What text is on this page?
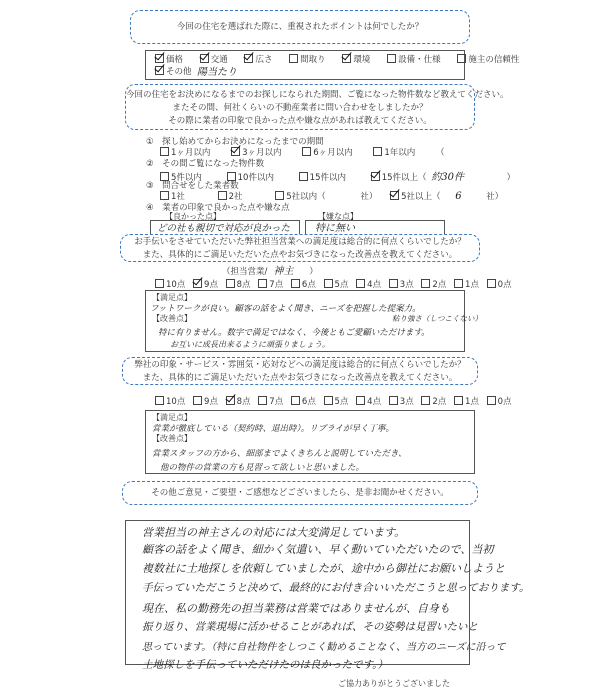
今回の住宅を選ばれた際に、重視されたポイントは何でしたか？
価格	交通	広さ	間取り	環境	設備・仕様	施主の信頼性
その他 陽当たり
今回の住宅をお決めになるまでのお探しになられた期間、ご覧になった物件数など教えてください。
またその間、何社くらいの不動産業者に問い合わせをしましたか？
その際に業者の印象で良かった点や嫌な点があれば教えてください。
①　探し始めてからお決めになったまでの期間
1ヶ月以内	3ヶ月以内	6ヶ月以内	1年以内 （
②　その間ご覧になった物件数
5件以内	10件以内	15件以内	15件以上（ 約30件	）
③　問合せをした業者数
1社	2社	5社以内（	社）	5社以上（ 6	社）
④　業者の印象で良かった点や嫌な点
【良かった点】	【嫌な点】
どの社も親切で対応が良かった 特に無い
お手伝いをさせていただいた弊社担当営業への満足度は総合的に何点くらいでしたか？
また、具体的にご満足いただいた点やお気づきになった改善点を教えてください。
（担当営業/ 神主 ）
10点 9点 8点 7点 6点 5点 4点 3点 2点 1点 0点
【満足点】
フットワークが良い。顧客の話をよく聞き、ニーズを把握した提案力。
粘り強さ（しつこくない）
【改善点】
特に有りません。数字で満足ではなく、今後ともご愛顧いただけます。
お互いに成長出来るように頑張りましょう。
弊社の印象・サービス・雰囲気・応対などへの満足度は総合的に何点くらいでしたか？
また、具体的にご満足いただいた点やお気づきになった改善点を教えてください。
10点 9点 8点 7点 6点 5点 4点 3点 2点 1点 0点
【満足点】
営業が徹底している（契約時、退出時）。リプライが早く丁寧。
【改善点】
営業スタッフの方から、細部までよくきちんと説明していただき、
他の物件の営業の方も見習って欲しいと思いました。
その他ご意見・ご要望・ご感想などございましたら、是非お聞かせください。
営業担当の神主さんの対応には大変満足しています。
顧客の話をよく聞き、細かく気遣い、早く動いていただいたので、当初
複数社に土地探しを依頼していましたが、途中から御社にお願いしようと
手伝っていただこうと決めて、最終的にお付き合いいただこうと思っております。
現在、私の勤務先の担当業務は営業ではありませんが、自身も
振り返り、営業現場に活かせることがあれば、その姿勢は見習いたいと
思っています。（特に自社物件をしつこく勧めることなく、当方のニーズに沿って
土地探しを手伝っていただけたのは良かったです。）
ご協力ありがとうございました
